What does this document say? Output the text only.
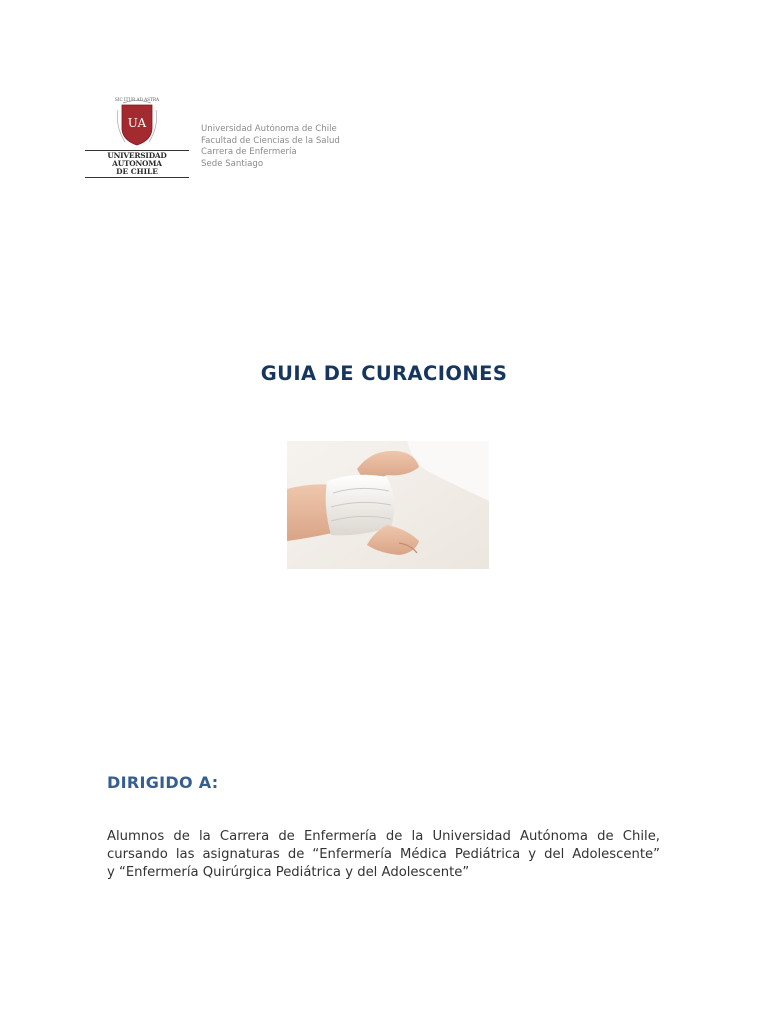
SIC ITUR AD ASTRA
UA
UNIVERSIDAD AUTONOMA
DE CHILE
Universidad Autónoma de Chile
Facultad de Ciencias de la Salud
Carrera de Enfermería
Sede Santiago
GUIA DE CURACIONES
DIRIGIDO A:
Alumnos de la Carrera de Enfermería de la Universidad Autónoma de Chile,
cursando las asignaturas de “Enfermería Médica Pediátrica y del Adolescente”
y “Enfermería Quirúrgica Pediátrica y del Adolescente”
